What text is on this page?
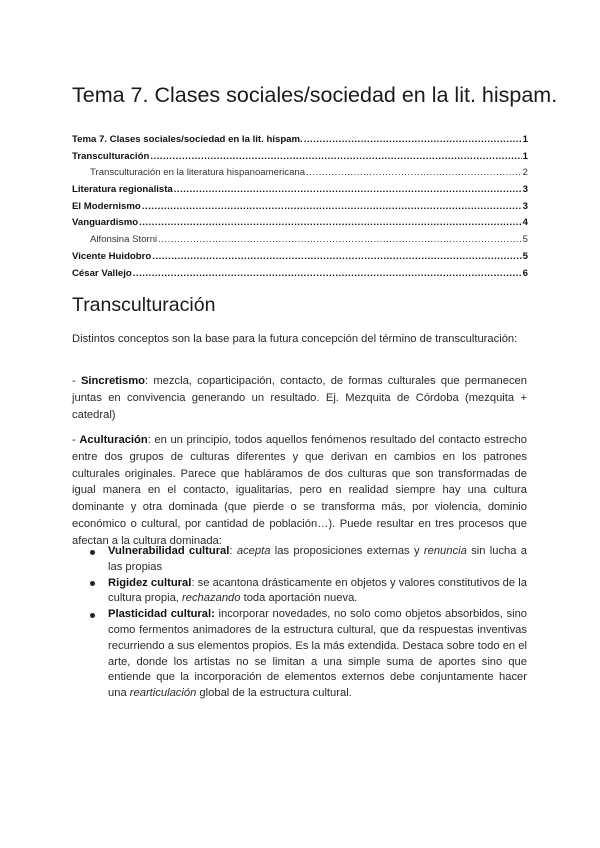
Tema 7. Clases sociales/sociedad en la lit. hispam.
Tema 7. Clases sociales/sociedad en la lit. hispam. .....	1
Transculturación .....	1
Transculturación en la literatura hispanoamericana .....	2
Literatura regionalista .....	3
El Modernismo .....	3
Vanguardismo .....	4
Alfonsina Storni .....	5
Vicente Huidobro .....	5
César Vallejo .....	6
Transculturación
Distintos conceptos son la base para la futura concepción del término de transculturación:
- Sincretismo: mezcla, coparticipación, contacto, de formas culturales que permanecen juntas en convivencia generando un resultado. Ej. Mezquita de Córdoba (mezquita + catedral)
- Aculturación: en un principio, todos aquellos fenómenos resultado del contacto estrecho entre dos grupos de culturas diferentes y que derivan en cambios en los patrones culturales originales. Parece que habláramos de dos culturas que son transformadas de igual manera en el contacto, igualitarias, pero en realidad siempre hay una cultura dominante y otra dominada (que pierde o se transforma más, por violencia, dominio económico o cultural, por cantidad de población…). Puede resultar en tres procesos que afectan a la cultura dominada:
Vulnerabilidad cultural: acepta las proposiciones externas y renuncia sin lucha a las propias
Rigidez cultural: se acantona drásticamente en objetos y valores constitutivos de la cultura propia, rechazando toda aportación nueva.
Plasticidad cultural: incorporar novedades, no solo como objetos absorbidos, sino como fermentos animadores de la estructura cultural, que da respuestas inventivas recurriendo a sus elementos propios. Es la más extendida. Destaca sobre todo en el arte, donde los artistas no se limitan a una simple suma de aportes sino que entiende que la incorporación de elementos externos debe conjuntamente hacer una rearticulación global de la estructura cultural.
